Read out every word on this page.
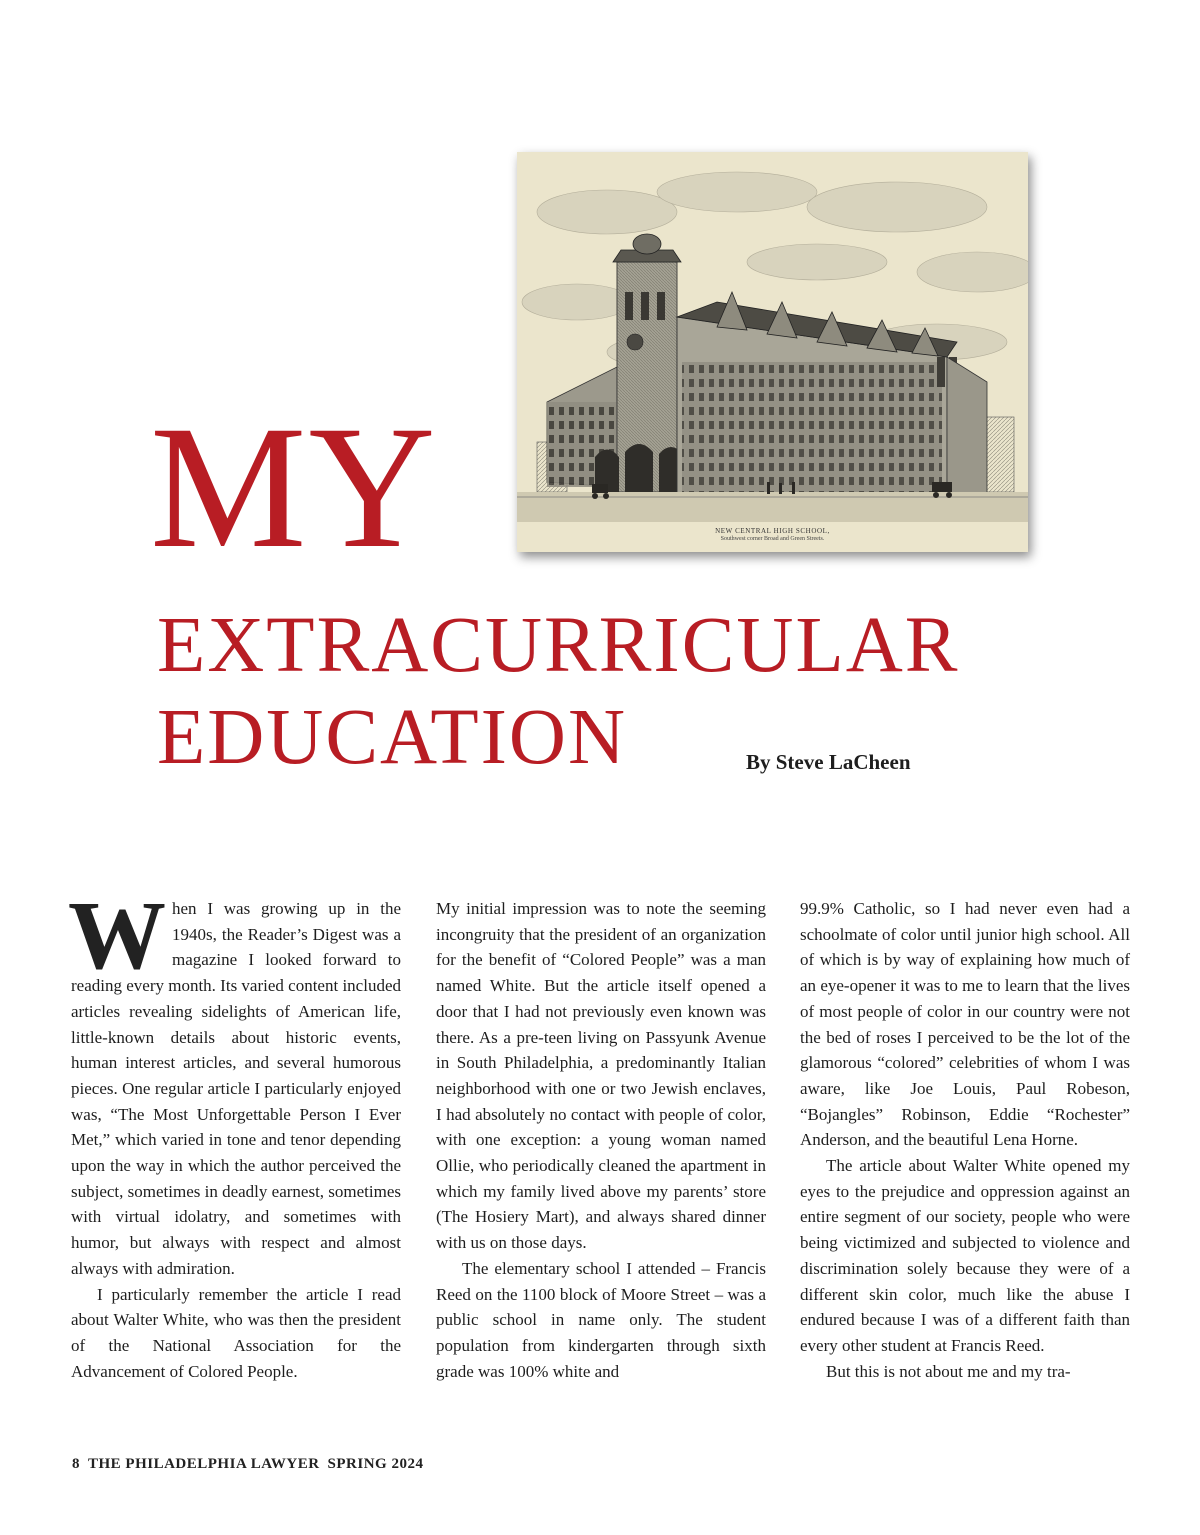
NEW CENTRAL HIGH SCHOOL,
Southwest corner Broad and Green Streets.
MY
EXTRACURRICULAR
EDUCATION	By Steve LaCheen

When I was growing up in the 1940s, the Reader’s Digest was a magazine I looked forward to reading every month. Its varied content included articles revealing sidelights of American life, little-known details about historic events, human interest articles, and several humorous pieces. One regular article I particularly enjoyed was, “The Most Unforgettable Person I Ever Met,” which varied in tone and tenor depending upon the way in which the author perceived the subject, sometimes in deadly earnest, sometimes with virtual idolatry, and sometimes with humor, but always with respect and almost always with admiration.

I particularly remember the article I read about Walter White, who was then the president of the National Association for the Advancement of Colored People.

My initial impression was to note the seeming incongruity that the president of an organization for the benefit of “Colored People” was a man named White. But the article itself opened a door that I had not previously even known was there. As a pre-teen living on Passyunk Avenue in South Philadelphia, a predominantly Italian neighborhood with one or two Jewish enclaves, I had absolutely no contact with people of color, with one exception: a young woman named Ollie, who periodically cleaned the apartment in which my family lived above my parents’ store (The Hosiery Mart), and always shared dinner with us on those days.

The elementary school I attended – Francis Reed on the 1100 block of Moore Street – was a public school in name only. The student population from kindergarten through sixth grade was 100% white and

99.9% Catholic, so I had never even had a schoolmate of color until junior high school. All of which is by way of explaining how much of an eye-opener it was to me to learn that the lives of most people of color in our country were not the bed of roses I perceived to be the lot of the glamorous “colored” celebrities of whom I was aware, like Joe Louis, Paul Robeson, “Bojangles” Robinson, Eddie “Rochester” Anderson, and the beautiful Lena Horne.

The article about Walter White opened my eyes to the prejudice and oppression against an entire segment of our society, people who were being victimized and subjected to violence and discrimination solely because they were of a different skin color, much like the abuse I endured because I was of a different faith than every other student at Francis Reed.

But this is not about me and my tra-

8 THE PHILADELPHIA LAWYER SPRING 2024
